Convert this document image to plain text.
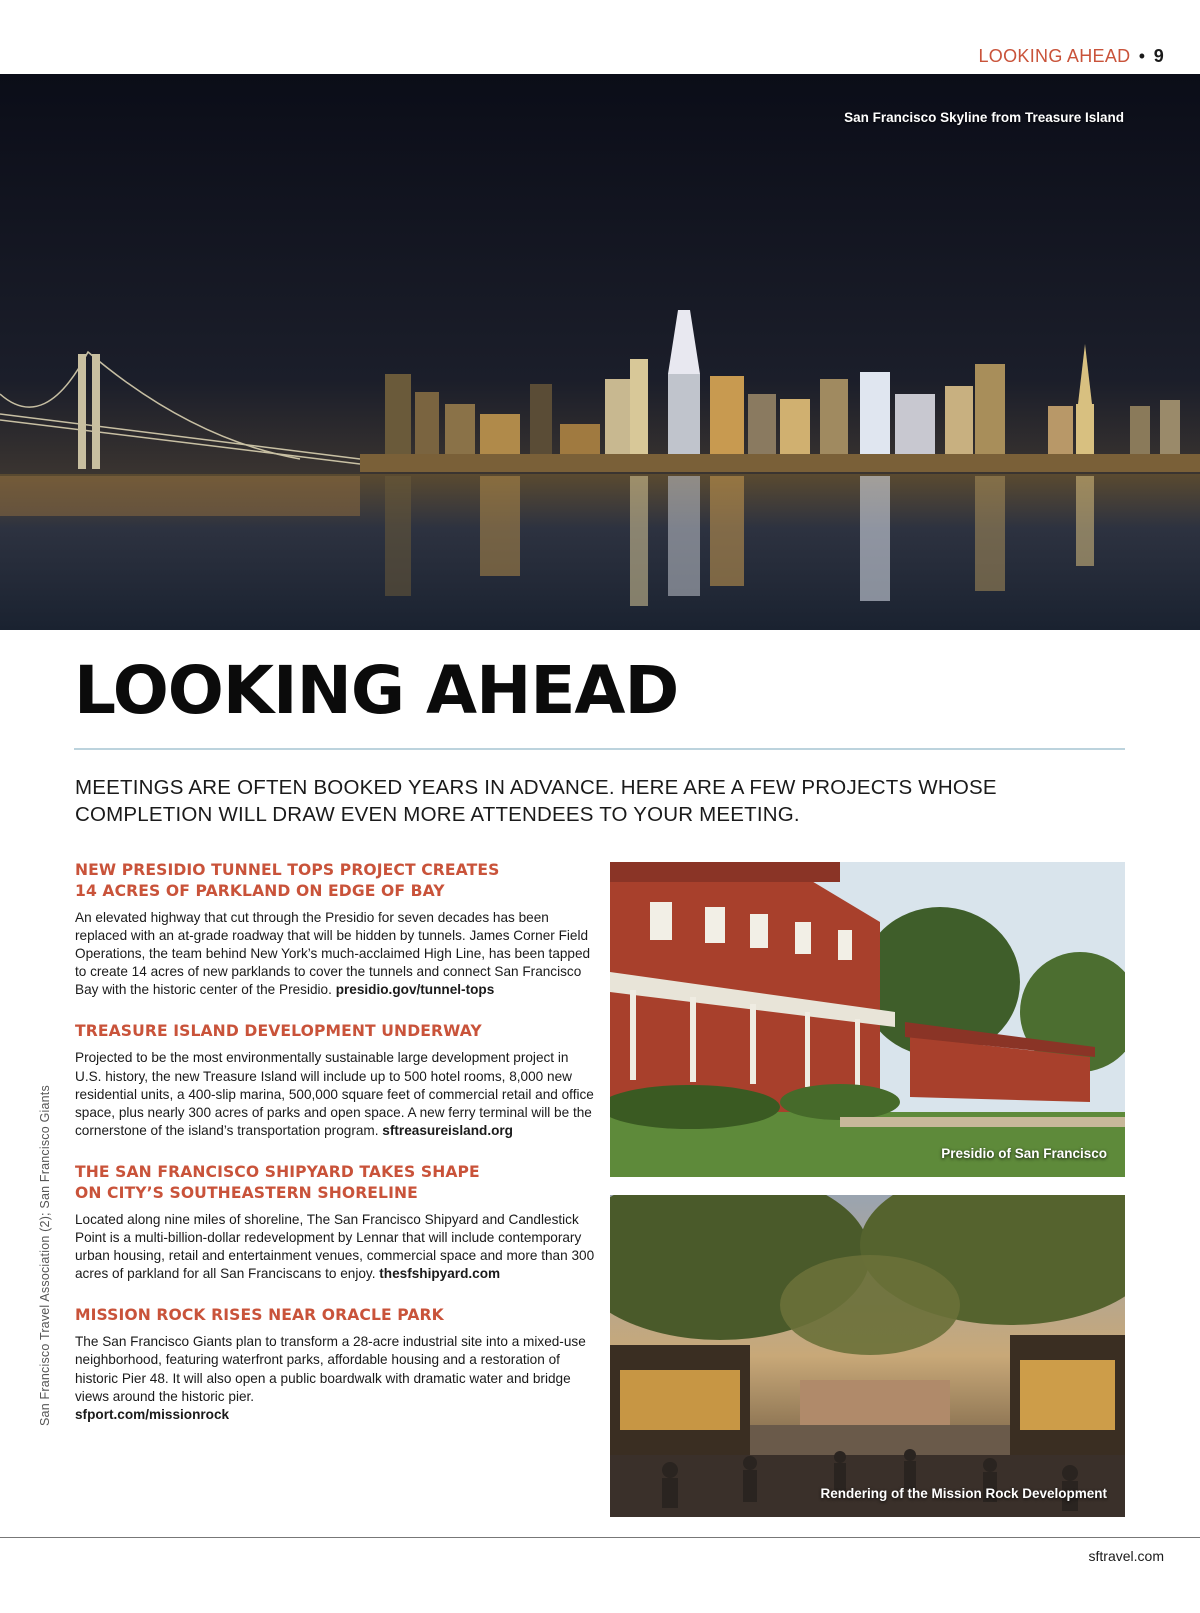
LOOKING AHEAD • 9
San Francisco Skyline from Treasure Island
LOOKING AHEAD
MEETINGS ARE OFTEN BOOKED YEARS IN ADVANCE. HERE ARE A FEW PROJECTS WHOSE COMPLETION WILL DRAW EVEN MORE ATTENDEES TO YOUR MEETING.
NEW PRESIDIO TUNNEL TOPS PROJECT CREATES
14 ACRES OF PARKLAND ON EDGE OF BAY

An elevated highway that cut through the Presidio for seven decades has been replaced with an at-grade roadway that will be hidden by tunnels. James Corner Field Operations, the team behind New York’s much-acclaimed High Line, has been tapped to create 14 acres of new parklands to cover the tunnels and connect San Francisco Bay with the historic center of the Presidio. presidio.gov/tunnel-tops

TREASURE ISLAND DEVELOPMENT UNDERWAY

Projected to be the most environmentally sustainable large development project in U.S. history, the new Treasure Island will include up to 500 hotel rooms, 8,000 new residential units, a 400-slip marina, 500,000 square feet of commercial retail and office space, plus nearly 300 acres of parks and open space. A new ferry terminal will be the cornerstone of the island’s transportation program. sftreasureisland.org

THE SAN FRANCISCO SHIPYARD TAKES SHAPE
ON CITY’S SOUTHEASTERN SHORELINE

Located along nine miles of shoreline, The San Francisco Shipyard and Candlestick Point is a multi-billion-dollar redevelopment by Lennar that will include contemporary urban housing, retail and entertainment venues, commercial space and more than 300 acres of parkland for all San Franciscans to enjoy. thesfshipyard.com

MISSION ROCK RISES NEAR ORACLE PARK

The San Francisco Giants plan to transform a 28-acre industrial site into a mixed-use neighborhood, featuring waterfront parks, affordable housing and a restoration of historic Pier 48. It will also open a public boardwalk with dramatic water and bridge views around the historic pier.
sfport.com/missionrock

Presidio of San Francisco
Rendering of the Mission Rock Development
San Francisco Travel Association (2); San Francisco Giants
sftravel.com
